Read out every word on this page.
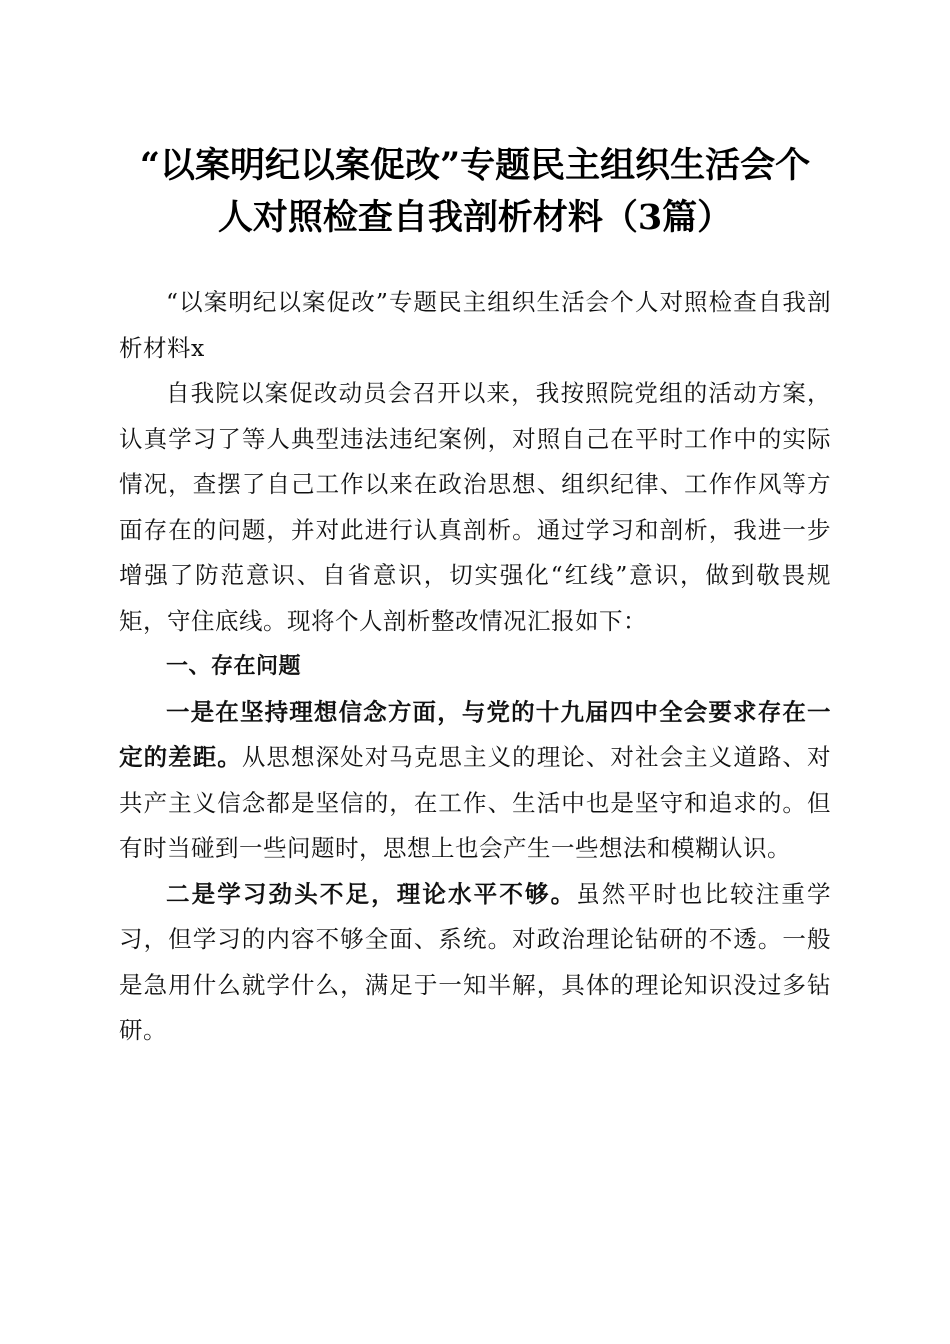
“以案明纪以案促改”专题民主组织生活会个
人对照检查自我剖析材料（3篇）

“以案明纪以案促改”专题民主组织生活会个人对照检查自我剖析材料x

自我院以案促改动员会召开以来，我按照院党组的活动方案，认真学习了等人典型违法违纪案例，对照自己在平时工作中的实际情况，查摆了自己工作以来在政治思想、组织纪律、工作作风等方面存在的问题，并对此进行认真剖析。通过学习和剖析，我进一步增强了防范意识、自省意识，切实强化“红线”意识，做到敬畏规矩，守住底线。现将个人剖析整改情况汇报如下：

一、存在问题

一是在坚持理想信念方面，与党的十九届四中全会要求存在一定的差距。从思想深处对马克思主义的理论、对社会主义道路、对共产主义信念都是坚信的，在工作、生活中也是坚守和追求的。但有时当碰到一些问题时，思想上也会产生一些想法和模糊认识。

二是学习劲头不足，理论水平不够。虽然平时也比较注重学习，但学习的内容不够全面、系统。对政治理论钻研的不透。一般是急用什么就学什么，满足于一知半解，具体的理论知识没过多钻研。
